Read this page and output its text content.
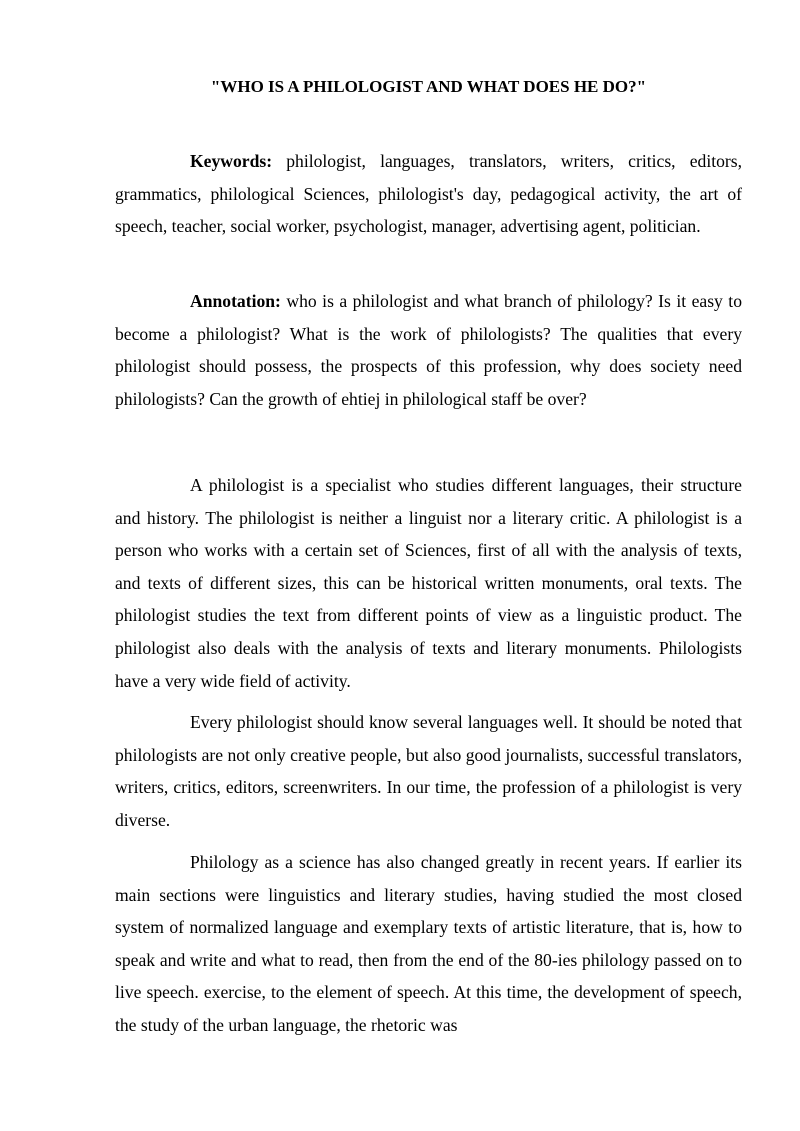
"WHO IS A PHILOLOGIST AND WHAT DOES HE DO?"

Keywords: philologist, languages, translators, writers, critics, editors, grammatics, philological Sciences, philologist's day, pedagogical activity, the art of speech, teacher, social worker, psychologist, manager, advertising agent, politician.

Annotation: who is a philologist and what branch of philology? Is it easy to become a philologist? What is the work of philologists? The qualities that every philologist should possess, the prospects of this profession, why does society need philologists? Can the growth of ehtiej in philological staff be over?

A philologist is a specialist who studies different languages, their structure and history. The philologist is neither a linguist nor a literary critic. A philologist is a person who works with a certain set of Sciences, first of all with the analysis of texts, and texts of different sizes, this can be historical written monuments, oral texts. The philologist studies the text from different points of view as a linguistic product. The philologist also deals with the analysis of texts and literary monuments. Philologists have a very wide field of activity.

Every philologist should know several languages well. It should be noted that philologists are not only creative people, but also good journalists, successful translators, writers, critics, editors, screenwriters. In our time, the profession of a philologist is very diverse.

Philology as a science has also changed greatly in recent years. If earlier its main sections were linguistics and literary studies, having studied the most closed system of normalized language and exemplary texts of artistic literature, that is, how to speak and write and what to read, then from the end of the 80-ies philology passed on to live speech. exercise, to the element of speech. At this time, the development of speech, the study of the urban language, the rhetoric was
